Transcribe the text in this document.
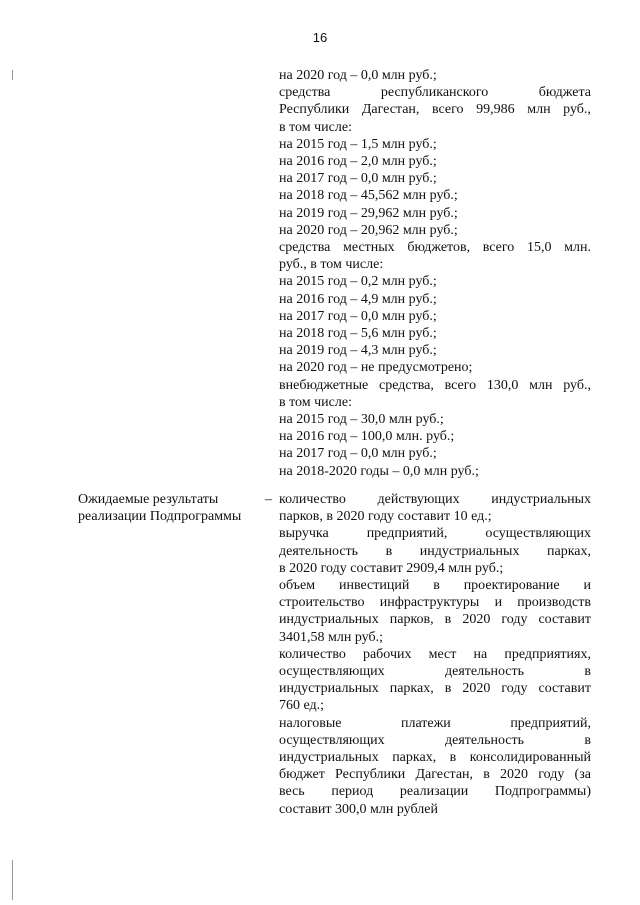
16
на 2020 год – 0,0 млн руб.;
средства	республиканского	бюджета
Республики Дагестан, всего 99,986 млн руб.,
в том числе:
на 2015 год – 1,5 млн руб.;
на 2016 год – 2,0 млн руб.;
на 2017 год – 0,0 млн руб.;
на 2018 год – 45,562 млн руб.;
на 2019 год – 29,962 млн руб.;
на 2020 год – 20,962 млн руб.;
средства местных бюджетов, всего 15,0 млн.
руб., в том числе:
на 2015 год – 0,2 млн руб.;
на 2016 год – 4,9 млн руб.;
на 2017 год – 0,0 млн руб.;
на 2018 год – 5,6 млн руб.;
на 2019 год – 4,3 млн руб.;
на 2020 год – не предусмотрено;
внебюджетные средства, всего 130,0 млн руб.,
в том числе:
на 2015 год – 30,0 млн руб.;
на 2016 год – 100,0 млн. руб.;
на 2017 год – 0,0 млн руб.;
на 2018-2020 годы – 0,0 млн руб.;
Ожидаемые результаты реализации Подпрограммы
– количество действующих индустриальных
парков, в 2020 году составит 10 ед.;
выручка	предприятий,	осуществляющих
деятельность в индустриальных парках,
в 2020 году составит 2909,4 млн руб.;
объем инвестиций в проектирование и
строительство инфраструктуры и производств
индустриальных парков, в 2020 году составит
3401,58 млн руб.;
количество рабочих мест на предприятиях,
осуществляющих	деятельность	в
индустриальных парках, в 2020 году составит
760 ед.;
налоговые	платежи	предприятий,
осуществляющих	деятельность	в
индустриальных парках, в консолидированный
бюджет Республики Дагестан, в 2020 году (за
весь период реализации Подпрограммы)
составит 300,0 млн рублей
